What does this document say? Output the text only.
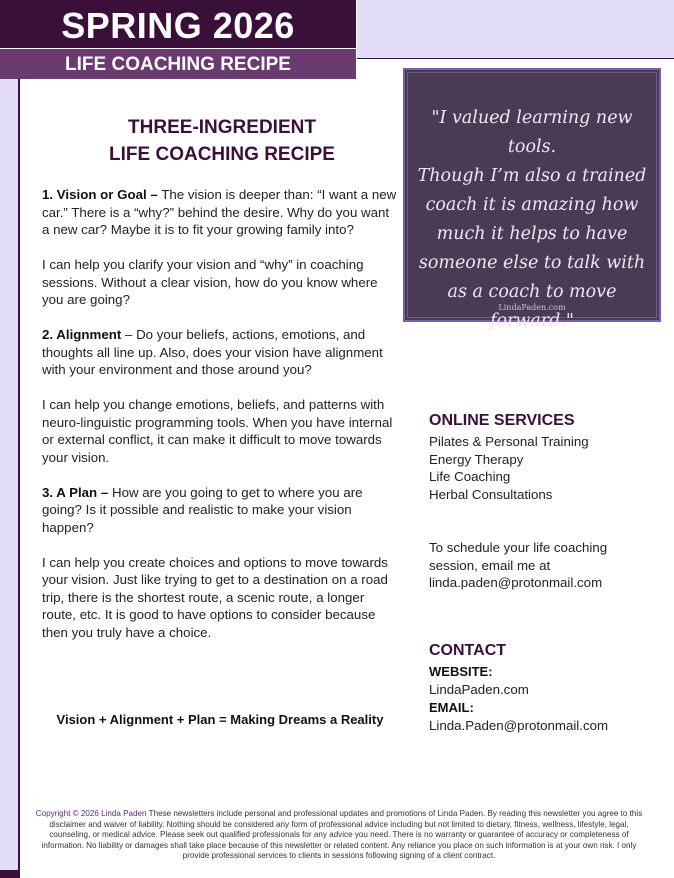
SPRING 2026
LIFE COACHING RECIPE
THREE-INGREDIENT
LIFE COACHING RECIPE

1. Vision or Goal – The vision is deeper than: “I want a new car.” There is a “why?” behind the desire. Why do you want a new car? Maybe it is to fit your growing family into?

I can help you clarify your vision and “why” in coaching sessions. Without a clear vision, how do you know where you are going?

2. Alignment – Do your beliefs, actions, emotions, and thoughts all line up. Also, does your vision have alignment with your environment and those around you?

I can help you change emotions, beliefs, and patterns with neuro-linguistic programming tools. When you have internal or external conflict, it can make it difficult to move towards your vision.

3. A Plan – How are you going to get to where you are going? Is it possible and realistic to make your vision happen?

I can help you create choices and options to move towards your vision. Just like trying to get to a destination on a road trip, there is the shortest route, a scenic route, a longer route, etc. It is good to have options to consider because then you truly have a choice.

Vision + Alignment + Plan = Making Dreams a Reality
"I valued learning new tools.
Though I’m also a trained
coach it is amazing how
much it helps to have
someone else to talk with
as a coach to move forward."
LindaPaden.com
ONLINE SERVICES
Pilates & Personal Training
Energy Therapy
Life Coaching
Herbal Consultations
To schedule your life coaching
session, email me at
linda.paden@protonmail.com
CONTACT
WEBSITE:
LindaPaden.com
EMAIL:
Linda.Paden@protonmail.com
Copyright © 2026 Linda Paden These newsletters include personal and professional updates and promotions of Linda Paden. By reading this newsletter you agree to this disclaimer and waiver of liability. Nothing should be considered any form of professional advice including but not limited to dietary, fitness, wellness, lifestyle, legal, counseling, or medical advice. Please seek out qualified professionals for any advice you need. There is no warranty or guarantee of accuracy or completeness of information. No liability or damages shall take place because of this newsletter or related content. Any reliance you place on such information is at your own risk. I only provide professional services to clients in sessions following signing of a client contract.
